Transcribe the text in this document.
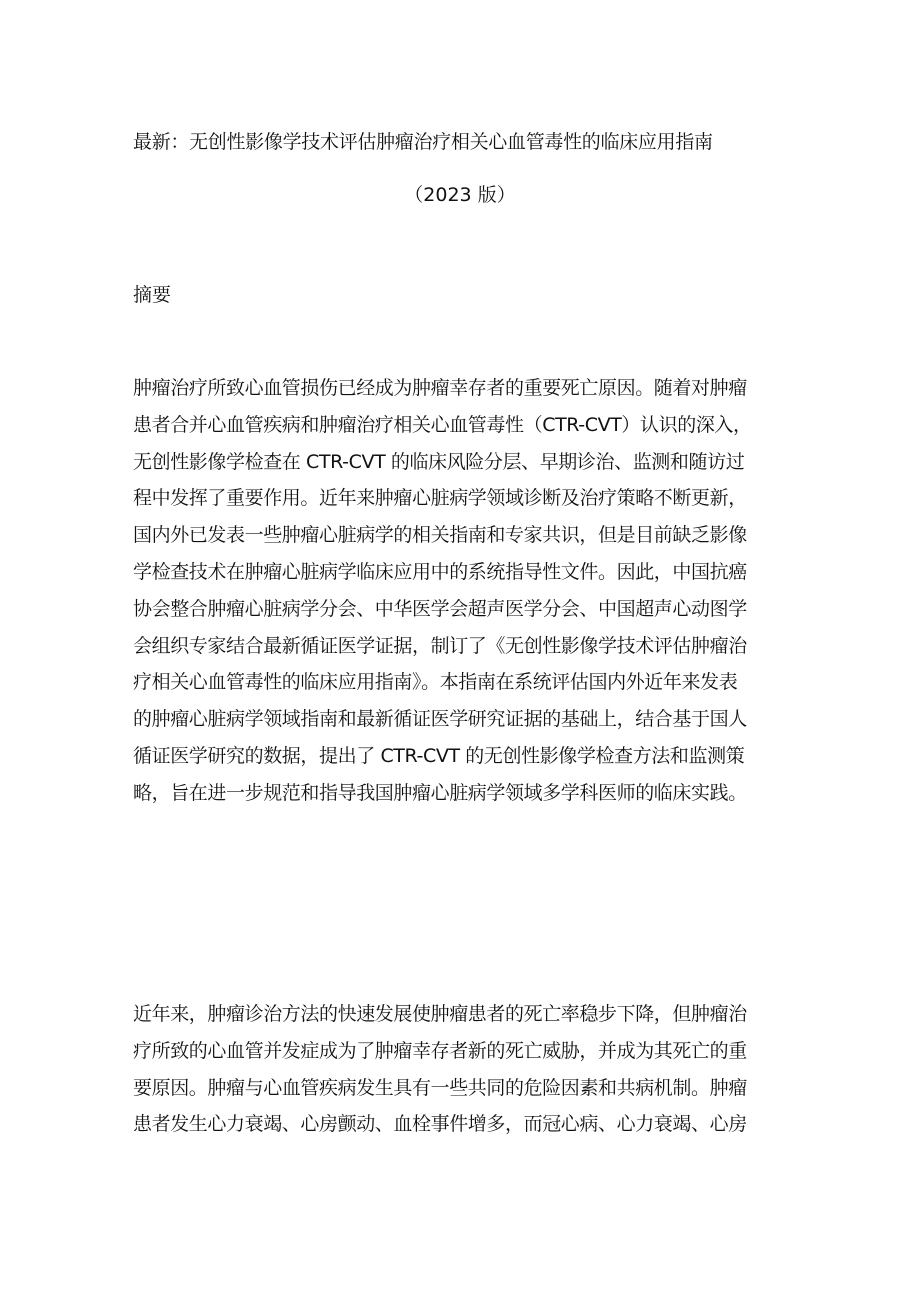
最新：无创性影像学技术评估肿瘤治疗相关心血管毒性的临床应用指南
（2023 版）
摘要
肿瘤治疗所致心血管损伤已经成为肿瘤幸存者的重要死亡原因。随着对肿瘤
患者合并心血管疾病和肿瘤治疗相关心血管毒性（CTR-CVT）认识的深入，
无创性影像学检查在 CTR-CVT 的临床风险分层、早期诊治、监测和随访过
程中发挥了重要作用。近年来肿瘤心脏病学领域诊断及治疗策略不断更新，
国内外已发表一些肿瘤心脏病学的相关指南和专家共识，但是目前缺乏影像
学检查技术在肿瘤心脏病学临床应用中的系统指导性文件。因此，中国抗癌
协会整合肿瘤心脏病学分会、中华医学会超声医学分会、中国超声心动图学
会组织专家结合最新循证医学证据，制订了《无创性影像学技术评估肿瘤治
疗相关心血管毒性的临床应用指南》。本指南在系统评估国内外近年来发表
的肿瘤心脏病学领域指南和最新循证医学研究证据的基础上，结合基于国人
循证医学研究的数据，提出了 CTR-CVT 的无创性影像学检查方法和监测策
略，旨在进一步规范和指导我国肿瘤心脏病学领域多学科医师的临床实践。
近年来，肿瘤诊治方法的快速发展使肿瘤患者的死亡率稳步下降，但肿瘤治
疗所致的心血管并发症成为了肿瘤幸存者新的死亡威胁，并成为其死亡的重
要原因。肿瘤与心血管疾病发生具有一些共同的危险因素和共病机制。肿瘤
患者发生心力衰竭、心房颤动、血栓事件增多，而冠心病、心力衰竭、心房
